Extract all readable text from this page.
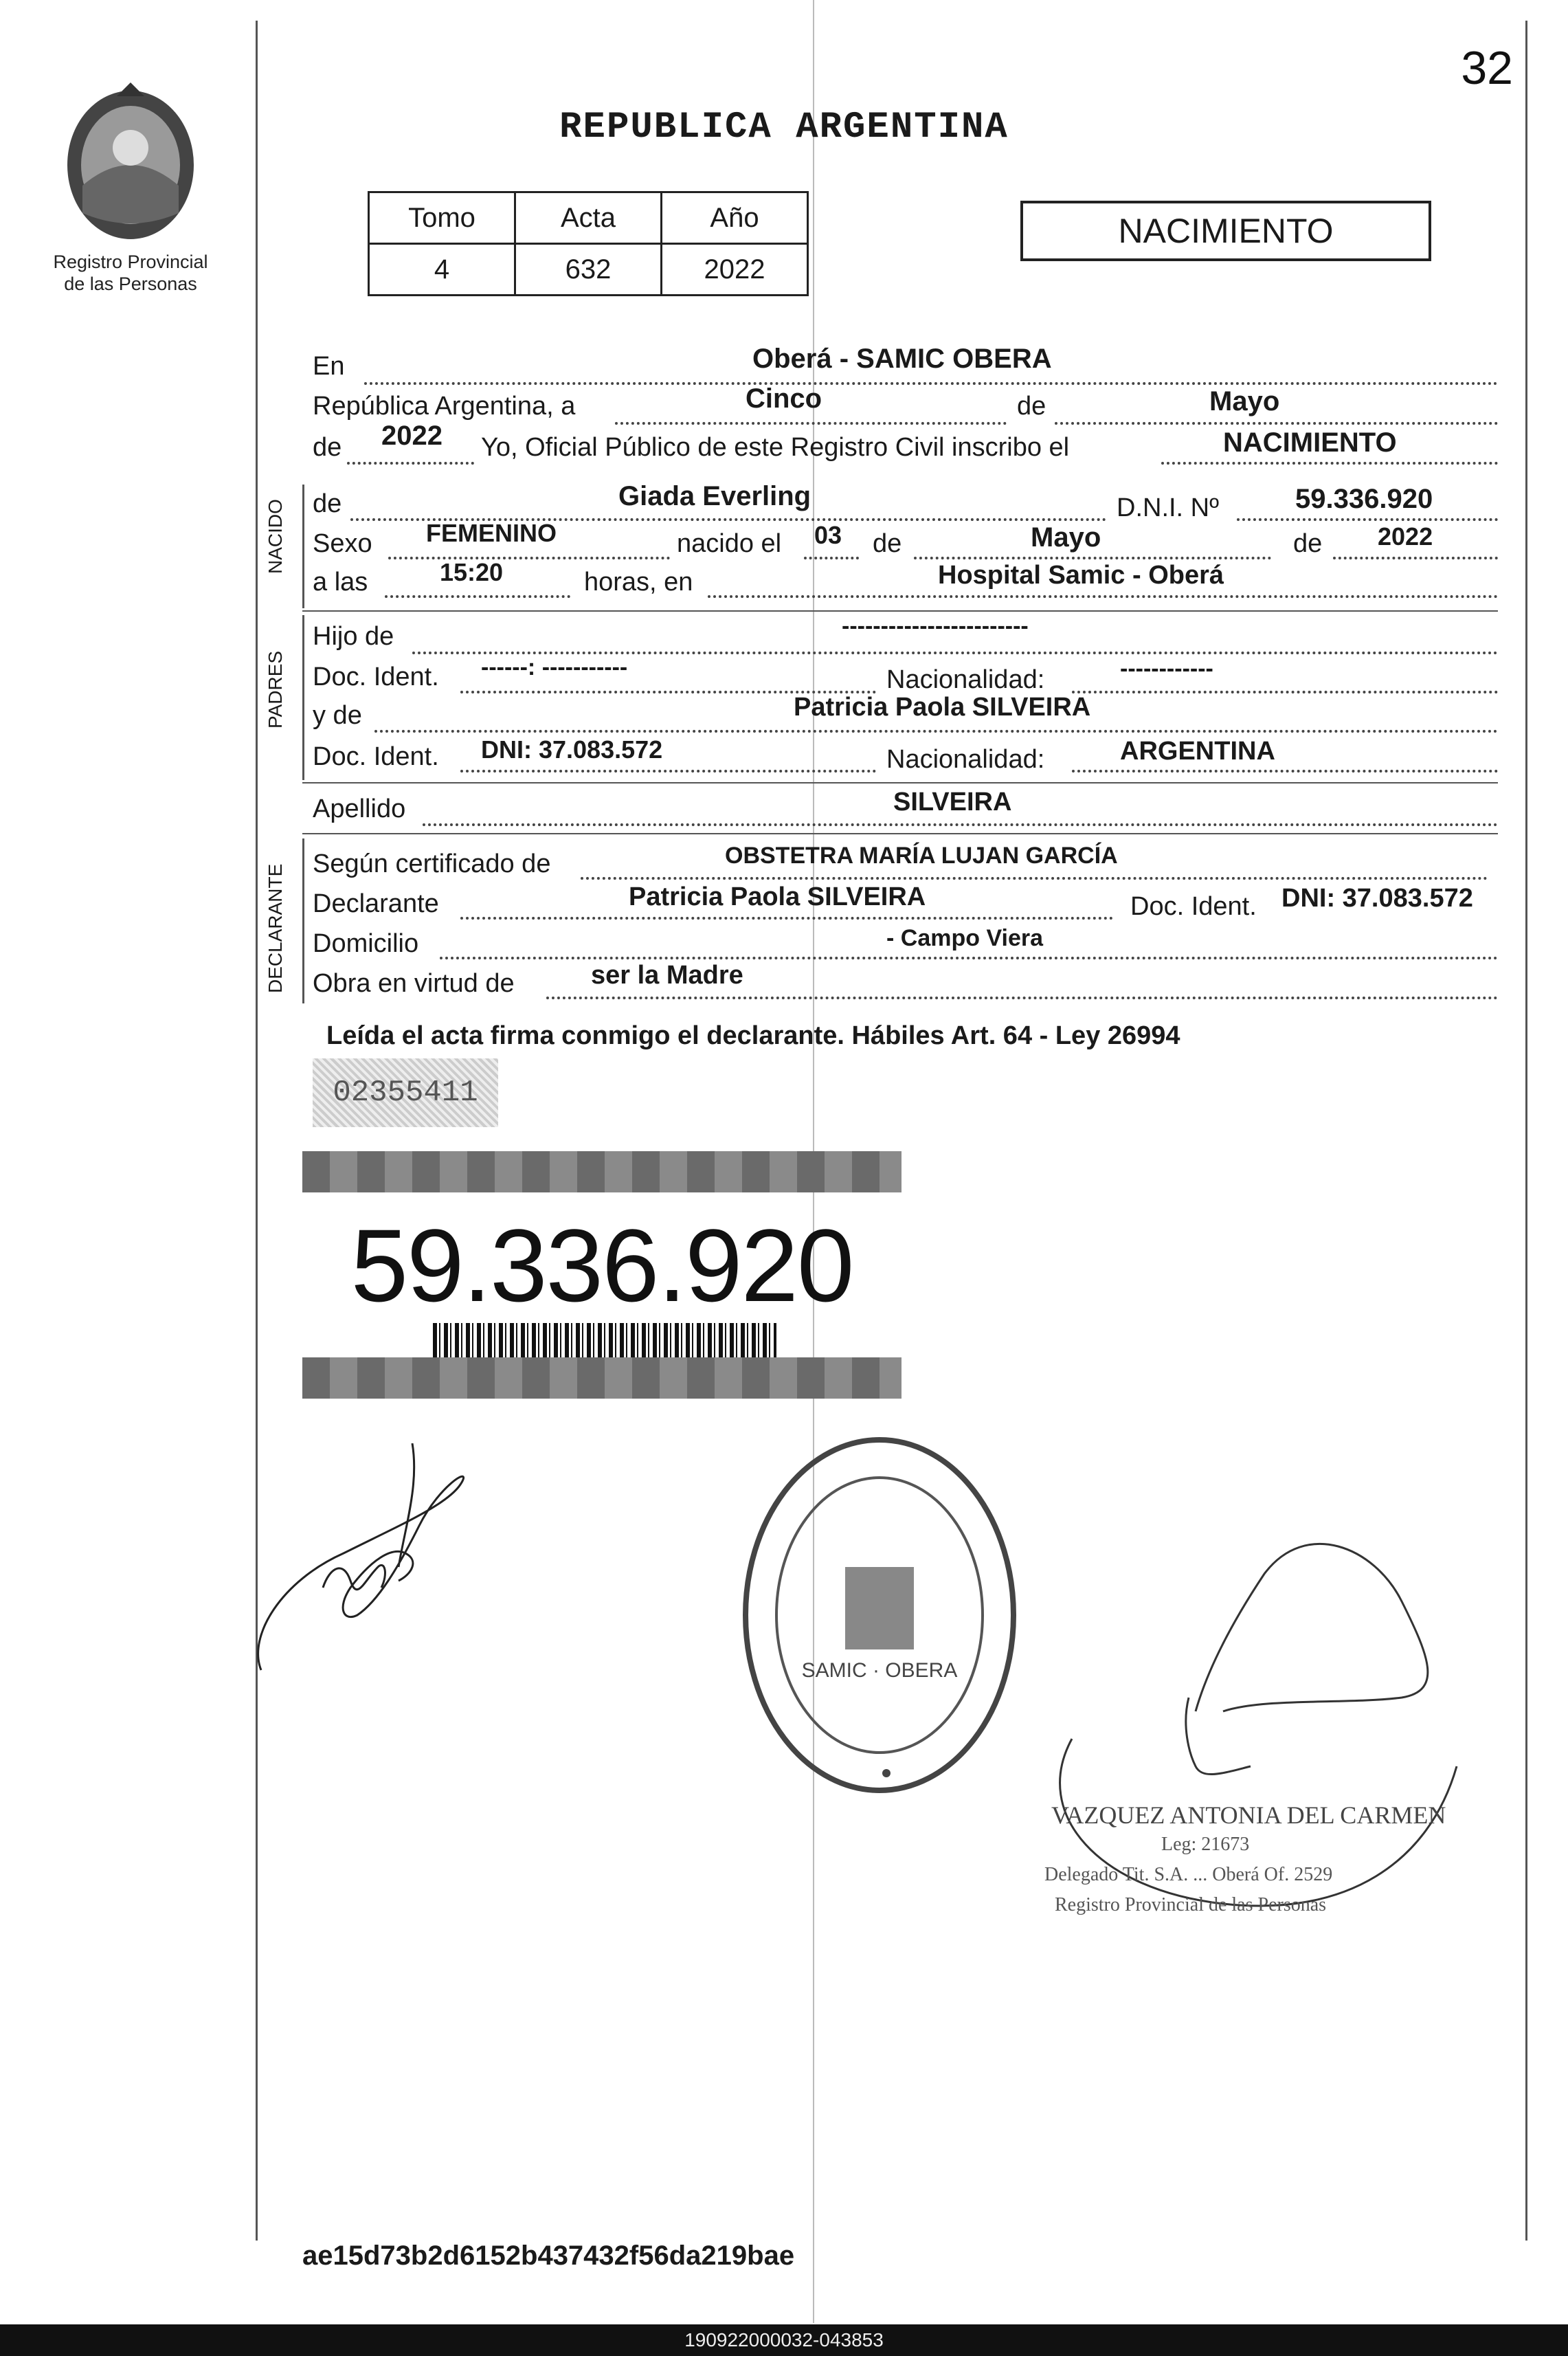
32
REPUBLICA ARGENTINA
Registro Provincial
de las Personas
Tomo	Acta	Año
4	632	2022
NACIMIENTO
En	Oberá - SAMIC OBERA
República Argentina, a	Cinco	de	Mayo
de 2022 Yo, Oficial Público de este Registro Civil inscribo el	NACIMIENTO
NACIDO de	Giada Everling	D.N.I. Nº	59.336.920
Sexo FEMENINO	nacido el 03 de	Mayo	de 2022
a las	15:20	horas, en	Hospital Samic - Oberá
PADRES
Hijo de	------------------------
Doc. Ident. ------: -----------	Nacionalidad:	------------
y de	Patricia Paola SILVEIRA
Doc. Ident. DNI: 37.083.572	Nacionalidad:	ARGENTINA
Apellido	SILVEIRA
DECLARANTE Según certificado de	OBSTETRA MARÍA LUJAN GARCÍA
Declarante	Patricia Paola SILVEIRA	Doc. Ident. DNI: 37.083.572
Domicilio	- Campo Viera
Obra en virtud de	ser la Madre
Leída el acta firma conmigo el declarante. Hábiles Art. 64 - Ley 26994
02355411
59.336.920
SAMIC · OBERA
VAZQUEZ ANTONIA DEL CARMEN
Leg: 21673
Delegado Tit. S.A. ... Oberá Of. 2529
Registro Provincial de las Personas
ae15d73b2d6152b437432f56da219bae
190922000032-043853
